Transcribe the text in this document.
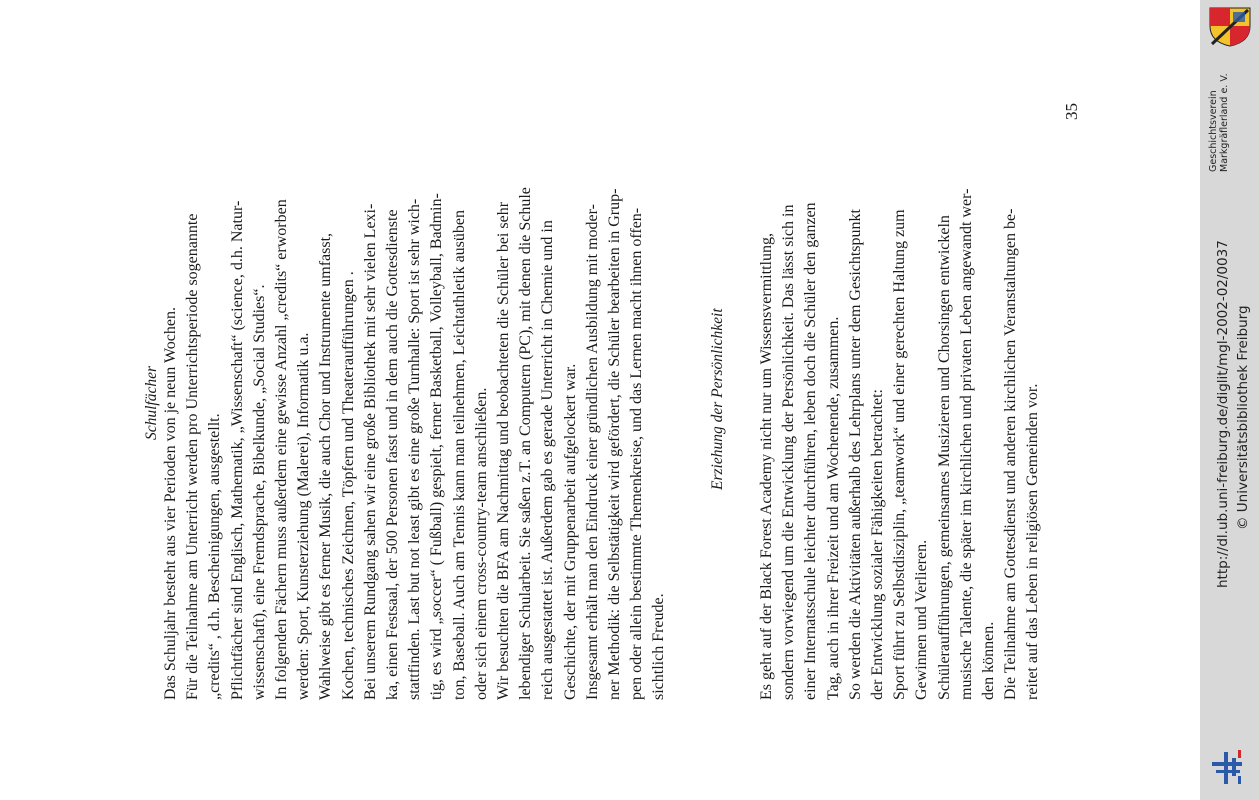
Schulfächer Das Schuljahr besteht aus vier Perioden von je neun Wochen. Für die Teilnahme am Unterricht werden pro Unterrichtsperiode sogenannte „credits“ , d.h. Bescheinigungen, ausgestellt. Pflichtfächer sind Englisch, Mathematik, „Wissenschaft“ (science, d.h. Natur- wissenschaft), eine Fremdsprache, Bibelkunde, „Social Studies“. In folgenden Fächern muss außerdem eine gewisse Anzahl „credits“ erworben werden: Sport, Kunsterziehung (Malerei), Informatik u.a. Wahlweise gibt es ferner Musik, die auch Chor und Instrumente umfasst, Kochen, technisches Zeichnen, Töpfern und Theateraufführungen . Bei unserem Rundgang sahen wir eine große Bibliothek mit sehr vielen Lexi- ka, einen Festsaal, der 500 Personen fasst und in dem auch die Gottesdienste stattfinden. Last but not least gibt es eine große Turnhalle: Sport ist sehr wich- tig, es wird „soccer“ ( Fußball) gespielt, ferner Basketball, Volleyball, Badmin- ton, Baseball. Auch am Tennis kann man teilnehmen, Leichtathletik ausüben oder sich einem cross-country-team anschließen. Wir besuchten die BFA am Nachmittag und beobachteten die Schüler bei sehr lebendiger Schularbeit. Sie saßen z.T. an Computern (PC), mit denen die Schule reich ausgestattet ist. Außerdem gab es gerade Unterricht in Chemie und in Geschichte, der mit Gruppenarbeit aufgelockert war. Insgesamt erhält man den Eindruck einer gründlichen Ausbildung mit moder- ner Methodik: die Selbstätigkeit wird gefördert, die Schüler bearbeiten in Grup- pen oder allein bestimmte Themenkreise, und das Lernen macht ihnen offen- sichtlich Freude.

Erziehung der Persönlichkeit Es geht auf der Black Forest Academy nicht nur um Wissensvermittlung, sondern vorwiegend um die Entwicklung der Persönlichkeit. Das lässt sich in einer Internatsschule leichter durchführen, leben doch die Schüler den ganzen Tag, auch in ihrer Freizeit und am Wochenende, zusammen. So werden die Aktivitäten außerhalb des Lehrplans unter dem Gesichtspunkt der Entwicklung sozialer Fähigkeiten betrachtet: Sport führt zu Selbstdisziplin, „teamwork“ und einer gerechten Haltung zum Gewinnen und Verlieren. Schüleraufführungen, gemeinsames Musizieren und Chorsingen entwickeln musische Talente, die später im kirchlichen und privaten Leben angewandt wer- den können. Die Teilnahme am Gottesdienst und anderen kirchlichen Veranstaltungen be- reitet auf das Leben in religiösen Gemeinden vor.

35	Geschichtsverein Markgräflerland e. V.
http://dl.ub.uni-freiburg.de/diglit/mgl-2002-02/0037 © Universitätsbibliothek Freiburg
